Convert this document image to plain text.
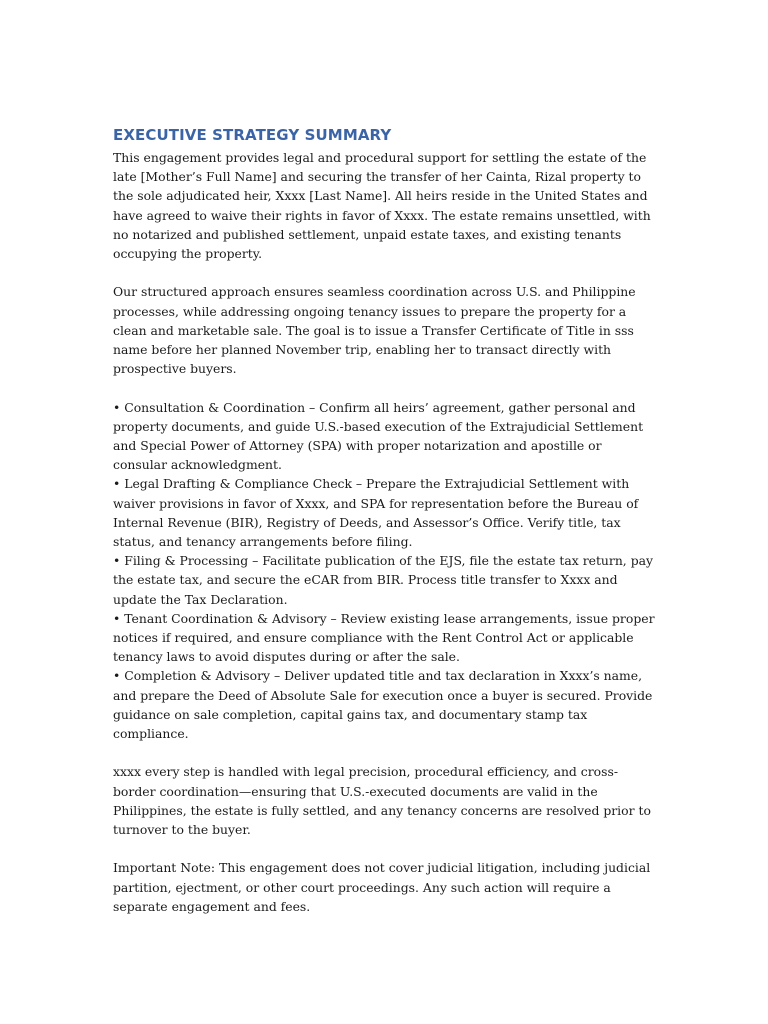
EXECUTIVE STRATEGY SUMMARY

This engagement provides legal and procedural support for settling the estate of the late [Mother’s Full Name] and securing the transfer of her Cainta, Rizal property to the sole adjudicated heir, Xxxx [Last Name]. All heirs reside in the United States and have agreed to waive their rights in favor of Xxxx. The estate remains unsettled, with no notarized and published settlement, unpaid estate taxes, and existing tenants occupying the property.

Our structured approach ensures seamless coordination across U.S. and Philippine processes, while addressing ongoing tenancy issues to prepare the property for a clean and marketable sale. The goal is to issue a Transfer Certificate of Title in sss name before her planned November trip, enabling her to transact directly with prospective buyers.

• Consultation & Coordination – Confirm all heirs’ agreement, gather personal and property documents, and guide U.S.-based execution of the Extrajudicial Settlement and Special Power of Attorney (SPA) with proper notarization and apostille or consular acknowledgment.

• Legal Drafting & Compliance Check – Prepare the Extrajudicial Settlement with waiver provisions in favor of Xxxx, and SPA for representation before the Bureau of Internal Revenue (BIR), Registry of Deeds, and Assessor’s Office. Verify title, tax status, and tenancy arrangements before filing.

• Filing & Processing – Facilitate publication of the EJS, file the estate tax return, pay the estate tax, and secure the eCAR from BIR. Process title transfer to Xxxx and update the Tax Declaration.

• Tenant Coordination & Advisory – Review existing lease arrangements, issue proper notices if required, and ensure compliance with the Rent Control Act or applicable tenancy laws to avoid disputes during or after the sale.

• Completion & Advisory – Deliver updated title and tax declaration in Xxxx’s name, and prepare the Deed of Absolute Sale for execution once a buyer is secured. Provide guidance on sale completion, capital gains tax, and documentary stamp tax compliance.

xxxx every step is handled with legal precision, procedural efficiency, and cross-border coordination—ensuring that U.S.-executed documents are valid in the Philippines, the estate is fully settled, and any tenancy concerns are resolved prior to turnover to the buyer.

Important Note: This engagement does not cover judicial litigation, including judicial partition, ejectment, or other court proceedings. Any such action will require a separate engagement and fees.
